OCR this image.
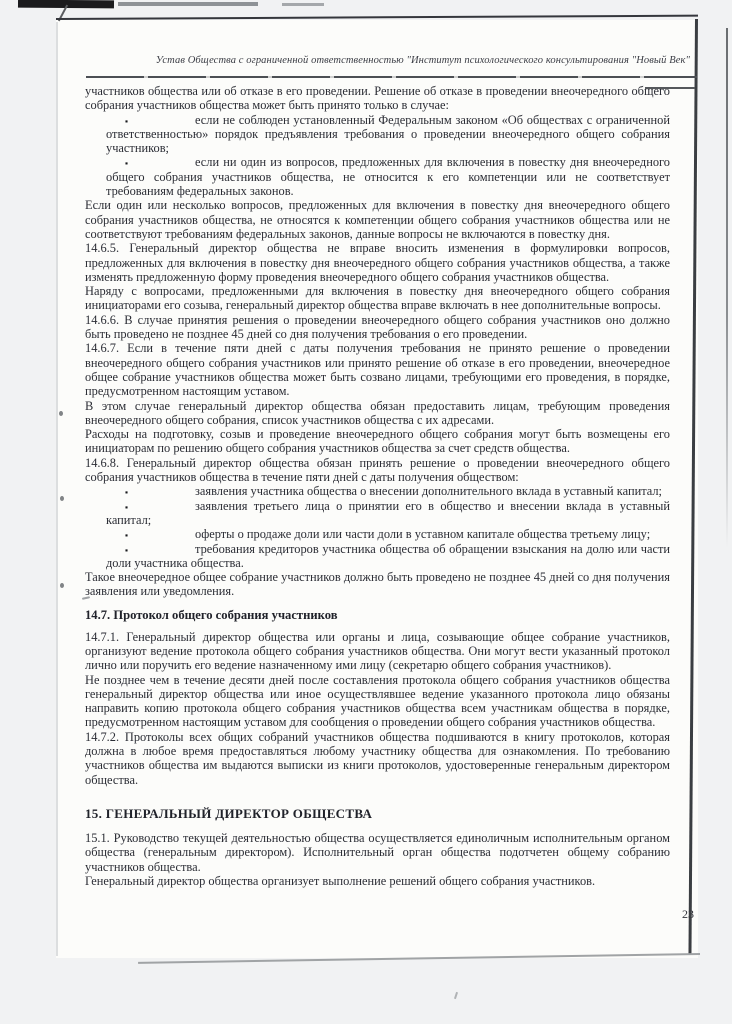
Устав Общества с ограниченной ответственностью "Институт психологического консультирования "Новый Век"

участников общества или об отказе в его проведении. Решение об отказе в проведении внеочередного общего собрания участников общества может быть принято только в случае:

▪	если не соблюден установленный Федеральным законом «Об обществах с ограниченной ответственностью» порядок предъявления требования о проведении внеочередного общего собрания участников;
▪	если ни один из вопросов, предложенных для включения в повестку дня внеочередного общего собрания участников общества, не относится к его компетенции или не соответствует требованиям федеральных законов.

Если один или несколько вопросов, предложенных для включения в повестку дня внеочередного общего собрания участников общества, не относятся к компетенции общего собрания участников общества или не соответствуют требованиям федеральных законов, данные вопросы не включаются в повестку дня.

14.6.5. Генеральный директор общества не вправе вносить изменения в формулировки вопросов, предложенных для включения в повестку дня внеочередного общего собрания участников общества, а также изменять предложенную форму проведения внеочередного общего собрания участников общества.

Наряду с вопросами, предложенными для включения в повестку дня внеочередного общего собрания инициаторами его созыва, генеральный директор общества вправе включать в нее дополнительные вопросы.

14.6.6. В случае принятия решения о проведении внеочередного общего собрания участников оно должно быть проведено не позднее 45 дней со дня получения требования о его проведении.

14.6.7. Если в течение пяти дней с даты получения требования не принято решение о проведении внеочередного общего собрания участников или принято решение об отказе в его проведении, внеочередное общее собрание участников общества может быть созвано лицами, требующими его проведения, в порядке, предусмотренном настоящим уставом.

В этом случае генеральный директор общества обязан предоставить лицам, требующим проведения внеочередного общего собрания, список участников общества с их адресами.

Расходы на подготовку, созыв и проведение внеочередного общего собрания могут быть возмещены его инициаторам по решению общего собрания участников общества за счет средств общества.

14.6.8. Генеральный директор общества обязан принять решение о проведении внеочередного общего собрания участников общества в течение пяти дней с даты получения обществом:

▪	заявления участника общества о внесении дополнительного вклада в уставный капитал;
▪	заявления третьего лица о принятии его в общество и внесении вклада в уставный капитал;
▪	оферты о продаже доли или части доли в уставном капитале общества третьему лицу;
▪	требования кредиторов участника общества об обращении взыскания на долю или части доли участника общества.

Такое внеочередное общее собрание участников должно быть проведено не позднее 45 дней со дня получения заявления или уведомления.

14.7. Протокол общего собрания участников

14.7.1. Генеральный директор общества или органы и лица, созывающие общее собрание участников, организуют ведение протокола общего собрания участников общества. Они могут вести указанный протокол лично или поручить его ведение назначенному ими лицу (секретарю общего собрания участников).

Не позднее чем в течение десяти дней после составления протокола общего собрания участников общества генеральный директор общества или иное осуществлявшее ведение указанного протокола лицо обязаны направить копию протокола общего собрания участников общества всем участникам общества в порядке, предусмотренном настоящим уставом для сообщения о проведении общего собрания участников общества.

14.7.2. Протоколы всех общих собраний участников общества подшиваются в книгу протоколов, которая должна в любое время предоставляться любому участнику общества для ознакомления. По требованию участников общества им выдаются выписки из книги протоколов, удостоверенные генеральным директором общества.

15. ГЕНЕРАЛЬНЫЙ ДИРЕКТОР ОБЩЕСТВА

15.1. Руководство текущей деятельностью общества осуществляется единоличным исполнительным органом общества (генеральным директором). Исполнительный орган общества подотчетен общему собранию участников общества.

Генеральный директор общества организует выполнение решений общего собрания участников.

23
